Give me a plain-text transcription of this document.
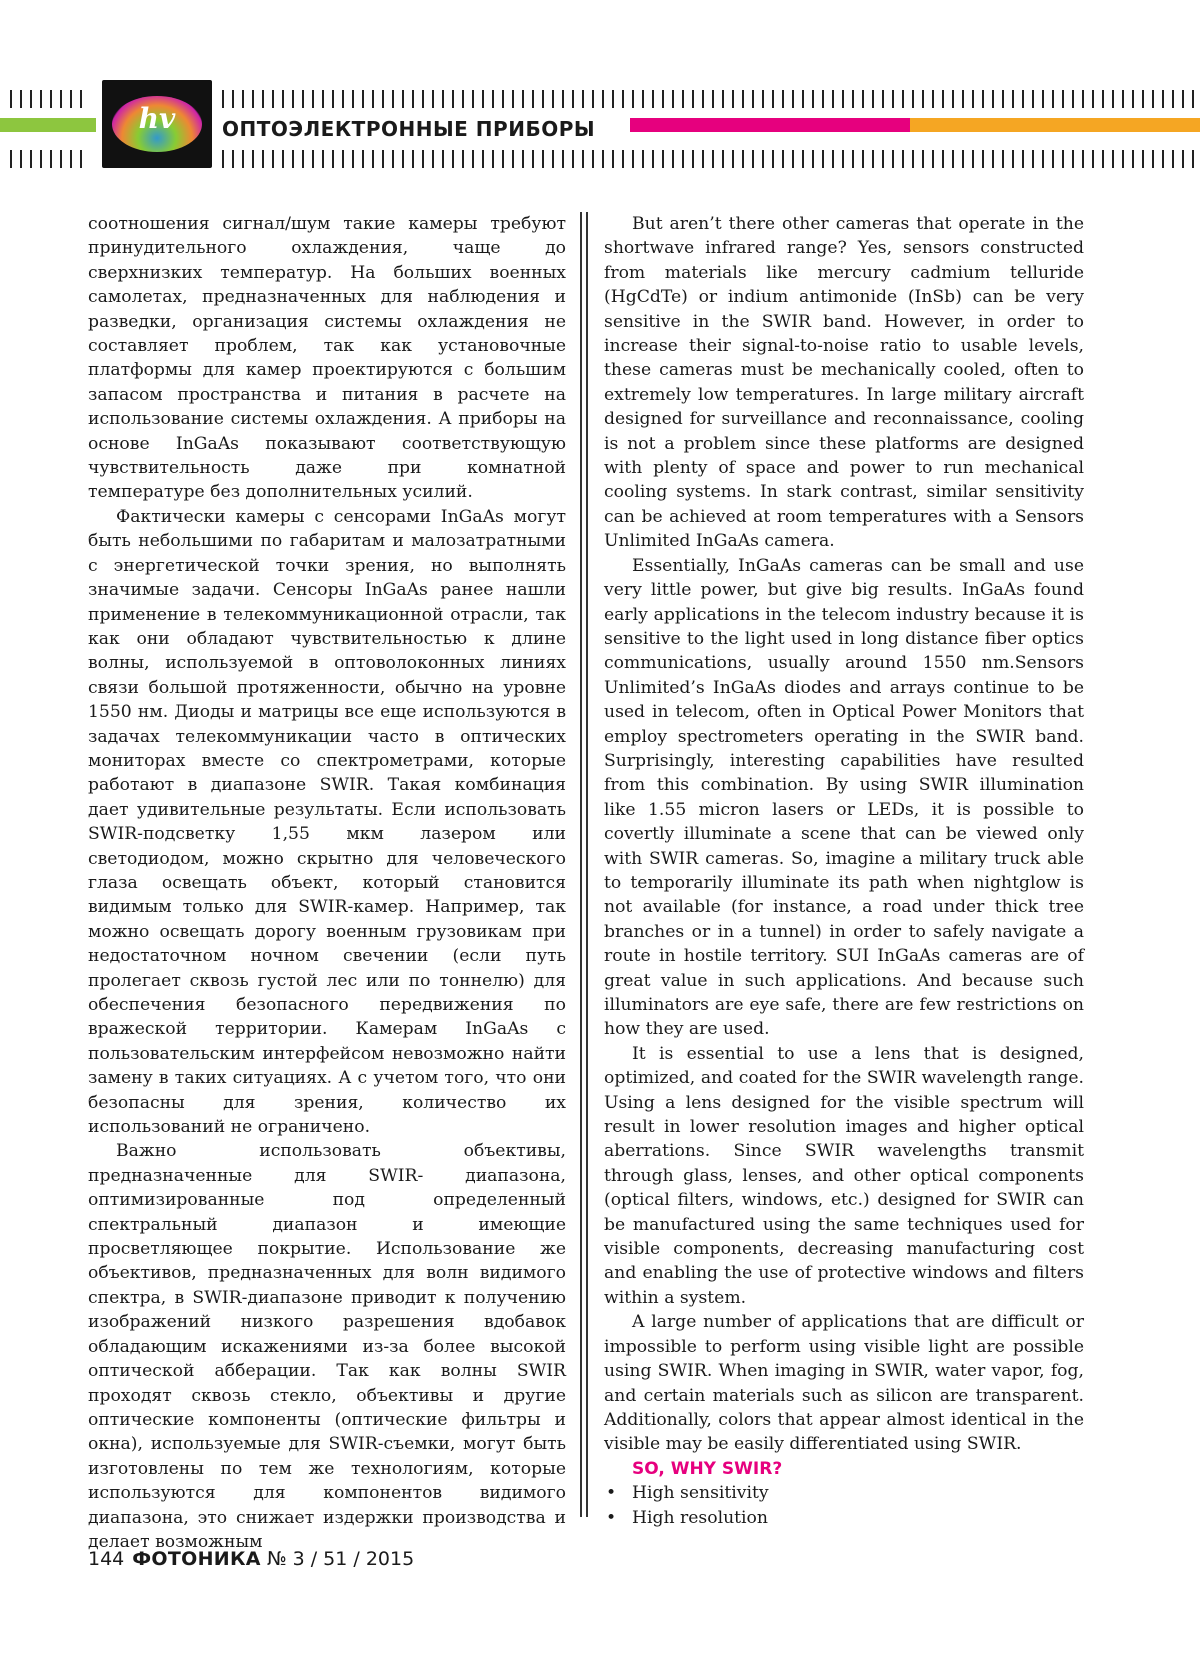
hv	ОПТОЭЛЕКТРОННЫЕ ПРИБОРЫ

соотношения сигнал/шум такие камеры требуют принудительного охлаждения, чаще до сверхнизких температур. На больших военных самолетах, предназначенных для наблюдения и разведки, организация системы охлаждения не составляет проблем, так как установочные платформы для камер проектируются с большим запасом пространства и питания в расчете на использование системы охлаждения. А приборы на основе InGaAs показывают соответствующую чувствительность даже при комнатной температуре без дополнительных усилий.

Фактически камеры с сенсорами InGaAs могут быть небольшими по габаритам и малозатратными с энергетической точки зрения, но выполнять значимые задачи. Сенсоры InGaAs ранее нашли применение в телекоммуникационной отрасли, так как они обладают чувствительностью к длине волны, используемой в оптоволоконных линиях связи большой протяженности, обычно на уровне 1550 нм. Диоды и матрицы все еще используются в задачах телекоммуникации часто в оптических мониторах вместе со спектрометрами, которые работают в диапазоне SWIR. Такая комбинация дает удивительные результаты. Если использовать SWIR-подсветку 1,55 мкм лазером или светодиодом, можно скрытно для человеческого глаза освещать объект, который становится видимым только для SWIR-камер. Например, так можно освещать дорогу военным грузовикам при недостаточном ночном свечении (если путь пролегает сквозь густой лес или по тоннелю) для обеспечения безопасного передвижения по вражеской территории. Камерам InGaAs с пользовательским интерфейсом невозможно найти замену в таких ситуациях. А с учетом того, что они безопасны для зрения, количество их использований не ограничено.

Важно использовать объективы, предназначенные для SWIR- диапазона, оптимизированные под определенный спектральный диапазон и имеющие просветляющее покрытие. Использование же объективов, предназначенных для волн видимого спектра, в SWIR-диапазоне приводит к получению изображений низкого разрешения вдобавок обладающим искажениями из-за более высокой оптической абберации. Так как волны SWIR проходят сквозь стекло, объективы и другие оптические компоненты (оптические фильтры и окна), используемые для SWIR-съемки, могут быть изготовлены по тем же технологиям, которые используются для компонентов видимого диапазона, это снижает издержки производства и делает возможным

But aren’t there other cameras that operate in the shortwave infrared range? Yes, sensors constructed from materials like mercury cadmium telluride (HgCdTe) or indium antimonide (InSb) can be very sensitive in the SWIR band. However, in order to increase their signal-to-noise ratio to usable levels, these cameras must be mechanically cooled, often to extremely low temperatures. In large military aircraft designed for surveillance and reconnaissance, cooling is not a problem since these platforms are designed with plenty of space and power to run mechanical cooling systems. In stark contrast, similar sensitivity can be achieved at room temperatures with a Sensors Unlimited InGaAs camera.

Essentially, InGaAs cameras can be small and use very little power, but give big results. InGaAs found early applications in the telecom industry because it is sensitive to the light used in long distance fiber optics communications, usually around 1550 nm.Sensors Unlimited’s InGaAs diodes and arrays continue to be used in telecom, often in Optical Power Monitors that employ spectrometers operating in the SWIR band. Surprisingly, interesting capabilities have resulted from this combination. By using SWIR illumination like 1.55 micron lasers or LEDs, it is possible to covertly illuminate a scene that can be viewed only with SWIR cameras. So, imagine a military truck able to temporarily illuminate its path when nightglow is not available (for instance, a road under thick tree branches or in a tunnel) in order to safely navigate a route in hostile territory. SUI InGaAs cameras are of great value in such applications. And because such illuminators are eye safe, there are few restrictions on how they are used.

It is essential to use a lens that is designed, optimized, and coated for the SWIR wavelength range. Using a lens designed for the visible spectrum will result in lower resolution images and higher optical aberrations. Since SWIR wavelengths transmit through glass, lenses, and other optical components (optical filters, windows, etc.) designed for SWIR can be manufactured using the same techniques used for visible components, decreasing manufacturing cost and enabling the use of protective windows and filters within a system.

A large number of applications that are difficult or impossible to perform using visible light are possible using SWIR. When imaging in SWIR, water vapor, fog, and certain materials such as silicon are transparent. Additionally, colors that appear almost identical in the visible may be easily differentiated using SWIR.

SO, WHY SWIR?

• High sensitivity
• High resolution
144 ФОТОНИКА № 3 / 51 / 2015
